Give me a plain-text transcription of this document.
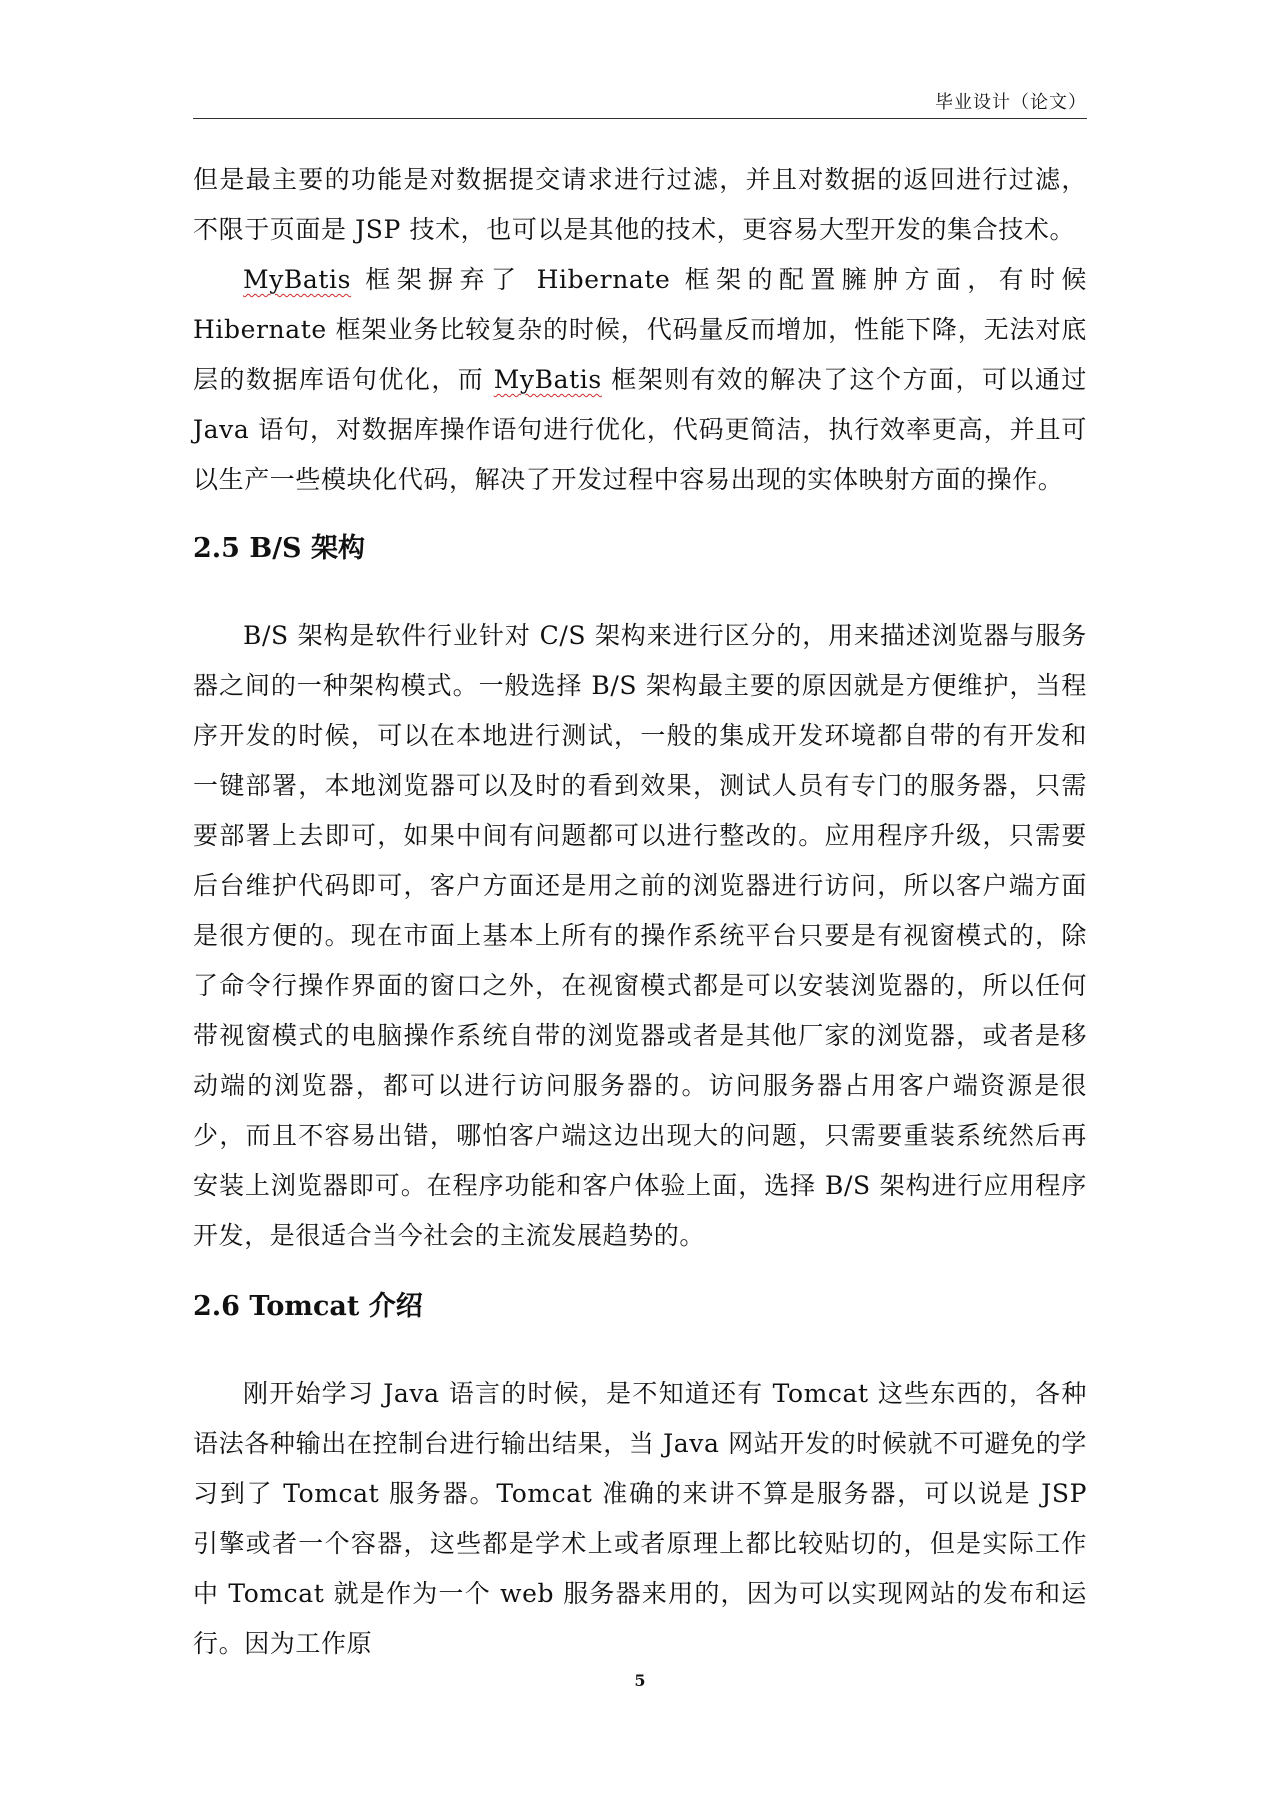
毕业设计（论文）

但是最主要的功能是对数据提交请求进行过滤，并且对数据的返回进行过滤，不限于页面是 JSP 技术，也可以是其他的技术，更容易大型开发的集合技术。

MyBatis 框架摒弃了 Hibernate 框架的配置臃肿方面，有时候 Hibernate 框架业务比较复杂的时候，代码量反而增加，性能下降，无法对底层的数据库语句优化，而 MyBatis 框架则有效的解决了这个方面，可以通过 Java 语句，对数据库操作语句进行优化，代码更简洁，执行效率更高，并且可以生产一些模块化代码，解决了开发过程中容易出现的实体映射方面的操作。

2.5 B/S 架构

B/S 架构是软件行业针对 C/S 架构来进行区分的，用来描述浏览器与服务器之间的一种架构模式。一般选择 B/S 架构最主要的原因就是方便维护，当程序开发的时候，可以在本地进行测试，一般的集成开发环境都自带的有开发和一键部署，本地浏览器可以及时的看到效果，测试人员有专门的服务器，只需要部署上去即可，如果中间有问题都可以进行整改的。应用程序升级，只需要后台维护代码即可，客户方面还是用之前的浏览器进行访问，所以客户端方面是很方便的。现在市面上基本上所有的操作系统平台只要是有视窗模式的，除了命令行操作界面的窗口之外，在视窗模式都是可以安装浏览器的，所以任何带视窗模式的电脑操作系统自带的浏览器或者是其他厂家的浏览器，或者是移动端的浏览器，都可以进行访问服务器的。访问服务器占用客户端资源是很少，而且不容易出错，哪怕客户端这边出现大的问题，只需要重装系统然后再安装上浏览器即可。在程序功能和客户体验上面，选择 B/S 架构进行应用程序开发，是很适合当今社会的主流发展趋势的。

2.6 Tomcat 介绍

刚开始学习 Java 语言的时候，是不知道还有 Tomcat 这些东西的，各种语法各种输出在控制台进行输出结果，当 Java 网站开发的时候就不可避免的学习到了 Tomcat 服务器。Tomcat 准确的来讲不算是服务器，可以说是 JSP 引擎或者一个容器，这些都是学术上或者原理上都比较贴切的，但是实际工作中 Tomcat 就是作为一个 web 服务器来用的，因为可以实现网站的发布和运行。因为工作原

5
